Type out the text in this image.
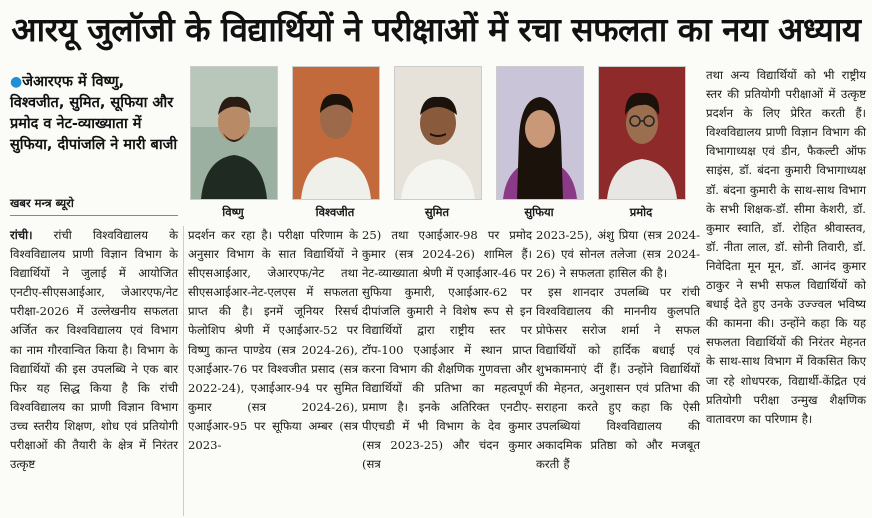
आरयू जुलॉजी के विद्यार्थियों ने परीक्षाओं में रचा सफलता का नया अध्याय
●जेआरएफ में विष्णु, विश्वजीत, सुमित, सूफिया और प्रमोद व नेट-व्याख्याता में सुफिया, दीपांजलि ने मारी बाजी
खबर मन्त्र ब्यूरो
विष्णु	विश्वजीत	सुमित	सुफिया	प्रमोद

रांची। रांची विश्वविद्यालय के विश्वविद्यालय प्राणी विज्ञान विभाग के विद्यार्थियों ने जुलाई में आयोजित एनटीए-सीएसआईआर, जेआरएफ/नेट परीक्षा-2026 में उल्लेखनीय सफलता अर्जित कर विश्वविद्यालय एवं विभाग का नाम गौरवान्वित किया है। विभाग के विद्यार्थियों की इस उपलब्धि ने एक बार फिर यह सिद्ध किया है कि रांची विश्वविद्यालय का प्राणी विज्ञान विभाग उच्च स्तरीय शिक्षण, शोध एवं प्रतियोगी परीक्षाओं की तैयारी के क्षेत्र में निरंतर उत्कृष्ट

प्रदर्शन कर रहा है। परीक्षा परिणाम के अनुसार विभाग के सात विद्यार्थियों ने सीएसआईआर, जेआरएफ/नेट तथा सीएसआईआर-नेट-एलएस में सफलता प्राप्त की है। इनमें जूनियर रिसर्च फेलोशिप श्रेणी में एआईआर-52 पर विष्णु कान्त पाण्डेय (सत्र 2024-26), एआईआर-76 पर विश्वजीत प्रसाद (सत्र 2022-24), एआईआर-94 पर सुमित कुमार (सत्र 2024-26), एआईआर-95 पर सूफिया अम्बर (सत्र 2023-

25) तथा एआईआर-98 पर प्रमोद कुमार (सत्र 2024-26) शामिल हैं। नेट-व्याख्याता श्रेणी में एआईआर-46 पर सुफिया कुमारी, एआईआर-62 पर दीपांजलि कुमारी ने विशेष रूप से इन विद्यार्थियों द्वारा राष्ट्रीय स्तर पर टॉप-100 एआईआर में स्थान प्राप्त करना विभाग की शैक्षणिक गुणवत्ता और विद्यार्थियों की प्रतिभा का महत्वपूर्ण प्रमाण है। इनके अतिरिक्त एनटीए-पीएचडी में भी विभाग के देव कुमार (सत्र 2023-25) और चंदन कुमार (सत्र

2023-25), अंशु प्रिया (सत्र 2024-26) एवं सोनल तलेजा (सत्र 2024-26) ने सफलता हासिल की है।

इस शानदार उपलब्धि पर रांची विश्वविद्यालय की माननीय कुलपति प्रोफेसर सरोज शर्मा ने सफल विद्यार्थियों को हार्दिक बधाई एवं शुभकामनाएं दीं हैं। उन्होंने विद्यार्थियों की मेहनत, अनुशासन एवं प्रतिभा की सराहना करते हुए कहा कि ऐसी उपलब्धियां विश्वविद्यालय की अकादमिक प्रतिष्ठा को और मजबूत करती हैं

तथा अन्य विद्यार्थियों को भी राष्ट्रीय स्तर की प्रतियोगी परीक्षाओं में उत्कृष्ट प्रदर्शन के लिए प्रेरित करती हैं। विश्वविद्यालय प्राणी विज्ञान विभाग की विभागाध्यक्ष एवं डीन, फैकल्टी ऑफ साइंस, डॉ. बंदना कुमारी विभागाध्यक्ष डॉ. बंदना कुमारी के साथ-साथ विभाग के सभी शिक्षक-डॉ. सीमा केशरी, डॉ. कुमार स्वाति, डॉ. रोहित श्रीवास्तव, डॉ. नीता लाल, डॉ. सोनी तिवारी, डॉ. निवेदिता मून मून, डॉ. आनंद कुमार ठाकुर ने सभी सफल विद्यार्थियों को बधाई देते हुए उनके उज्ज्वल भविष्य की कामना की। उन्होंने कहा कि यह सफलता विद्यार्थियों की निरंतर मेहनत के साथ-साथ विभाग में विकसित किए जा रहे शोधपरक, विद्यार्थी-केंद्रित एवं प्रतियोगी परीक्षा उन्मुख शैक्षणिक वातावरण का परिणाम है।
